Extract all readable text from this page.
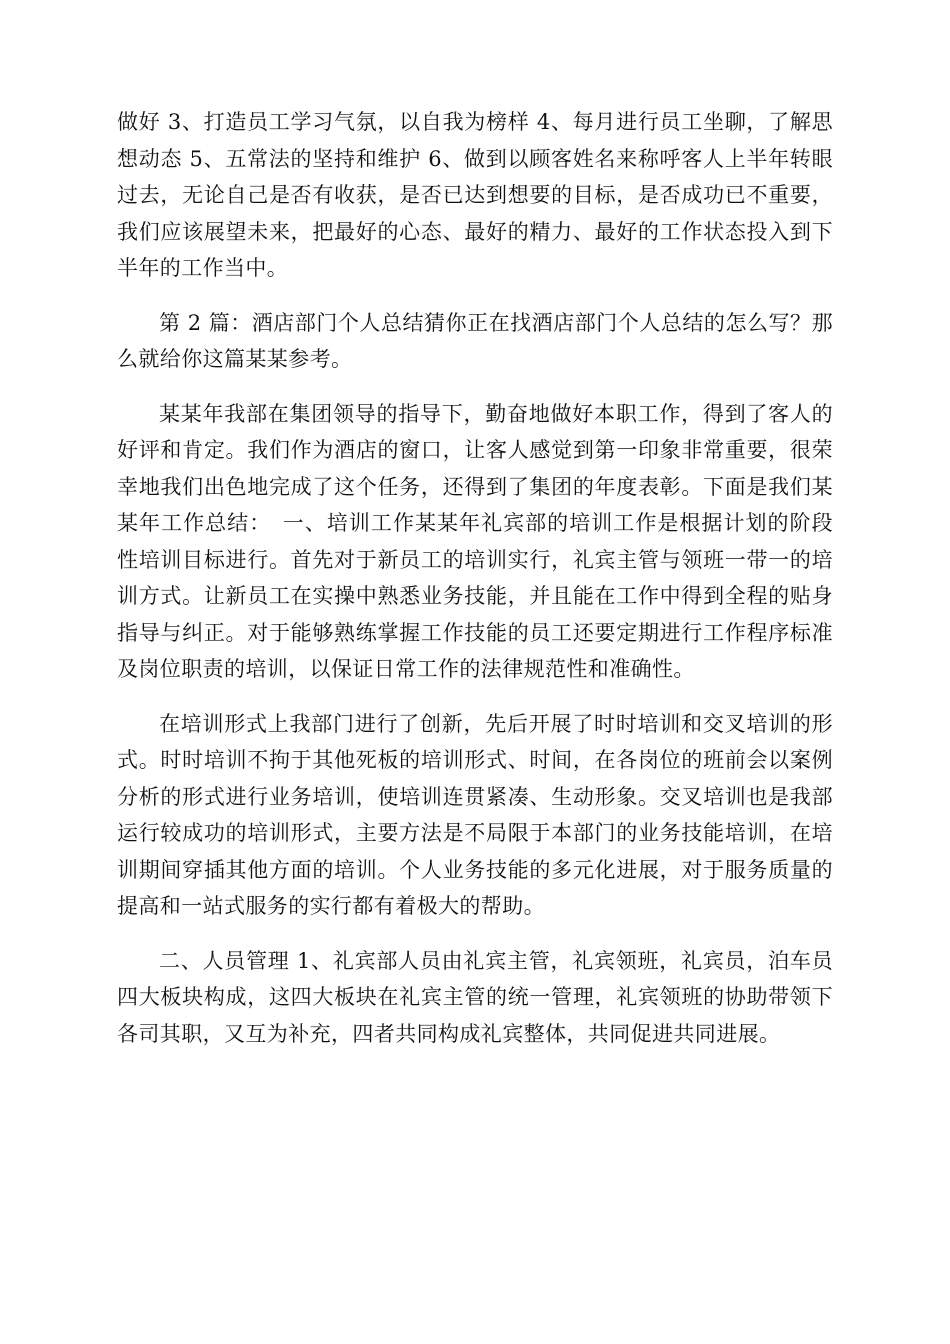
做好 3、打造员工学习气氛，以自我为榜样 4、每月进行员工坐聊，了解思想动态 5、五常法的坚持和维护 6、做到以顾客姓名来称呼客人上半年转眼过去，无论自己是否有收获，是否已达到想要的目标，是否成功已不重要，我们应该展望未来，把最好的心态、最好的精力、最好的工作状态投入到下半年的工作当中。

第 2 篇：酒店部门个人总结猜你正在找酒店部门个人总结的怎么写？那么就给你这篇某某参考。

某某年我部在集团领导的指导下，勤奋地做好本职工作，得到了客人的好评和肯定。我们作为酒店的窗口，让客人感觉到第一印象非常重要，很荣幸地我们出色地完成了这个任务，还得到了集团的年度表彰。下面是我们某某年工作总结：　一、培训工作某某年礼宾部的培训工作是根据计划的阶段性培训目标进行。首先对于新员工的培训实行，礼宾主管与领班一带一的培训方式。让新员工在实操中熟悉业务技能，并且能在工作中得到全程的贴身指导与纠正。对于能够熟练掌握工作技能的员工还要定期进行工作程序标准及岗位职责的培训，以保证日常工作的法律规范性和准确性。

在培训形式上我部门进行了创新，先后开展了时时培训和交叉培训的形式。时时培训不拘于其他死板的培训形式、时间，在各岗位的班前会以案例分析的形式进行业务培训，使培训连贯紧凑、生动形象。交叉培训也是我部运行较成功的培训形式，主要方法是不局限于本部门的业务技能培训，在培训期间穿插其他方面的培训。个人业务技能的多元化进展，对于服务质量的提高和一站式服务的实行都有着极大的帮助。

二、人员管理 1、礼宾部人员由礼宾主管，礼宾领班，礼宾员，泊车员四大板块构成，这四大板块在礼宾主管的统一管理，礼宾领班的协助带领下各司其职，又互为补充，四者共同构成礼宾整体，共同促进共同进展。
